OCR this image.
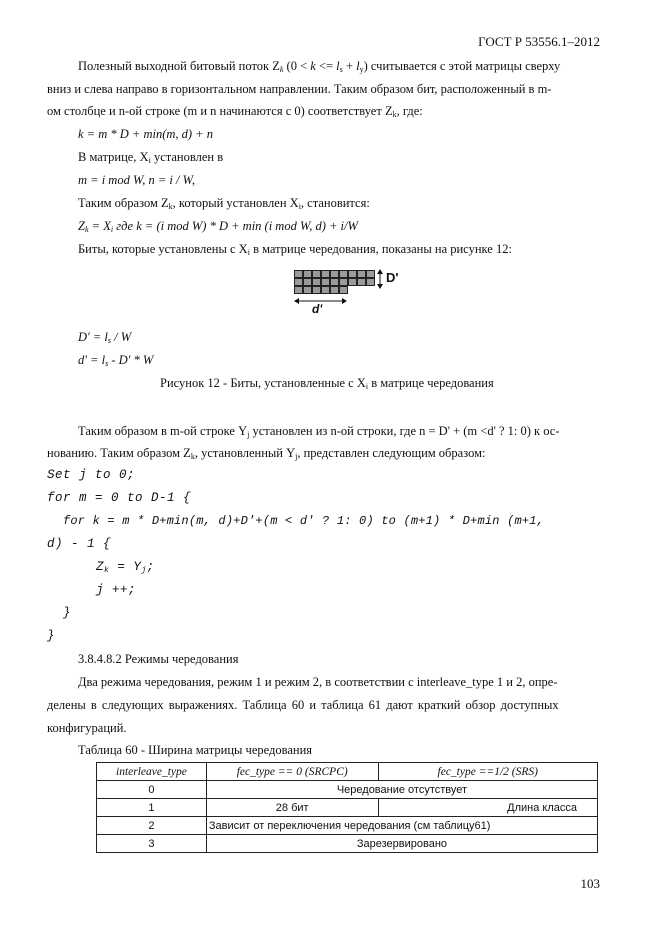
ГОСТ Р 53556.1–2012
Полезный выходной битовый поток $Z_k$ $(0 < k <= l_s + l_y)$ считывается с этой матрицы сверху
вниз и слева направо в горизонтальном направлении. Таким образом бит, расположенный в m-
ом столбце и n-ой строке (m и n начинаются с 0) соответствует $Z_k$, где:
k = m * D + min(m, d) + n
В матрице, $X_i$ установлен в
m = i mod W, n = i / W,
Таким образом $Z_k$, который установлен $X_i$, становится:
$Z_k = X_i$ где k = (i mod W) * D + min (i mod W, d) + i/W
Биты, которые установлены с $X_i$ в матрице чередования, показаны на рисунке 12:
D'
d'
$D' = l_s / W$
$d' = l_s - D' * W$
Рисунок 12 - Биты, установленные с $X_i$ в матрице чередования
Таким образом в m-ой строке $Y_j$ установлен из n-ой строки, где n = D' + (m <d' ? 1: 0) к ос-
нованию. Таким образом $Z_k$, установленный $Y_j$, представлен следующим образом:
Set j to 0;
for m = 0 to D-1 {
for k = m * D+min(m, d)+D'+(m < d' ? 1: 0) to (m+1) * D+min (m+1,
d) - 1 {
$Z_k = Y_j$;
j ++;
}
}
3.8.4.8.2 Режимы чередования
Два режима чередования, режим 1 и режим 2, в соответствии с interleave_type 1 и 2, опре-
делены в следующих выражениях. Таблица 60 и таблица 61 дают краткий обзор доступных
конфигураций.
Таблица 60 - Ширина матрицы чередования
interleave_type	fec_type == 0 (SRCPC)	fec_type ==1/2 (SRS)
0	Чередование отсутствует	
1	28 бит	Длина класса
2	Зависит от переключения чередования (см таблицу61)	
3	Зарезервировано	
103
